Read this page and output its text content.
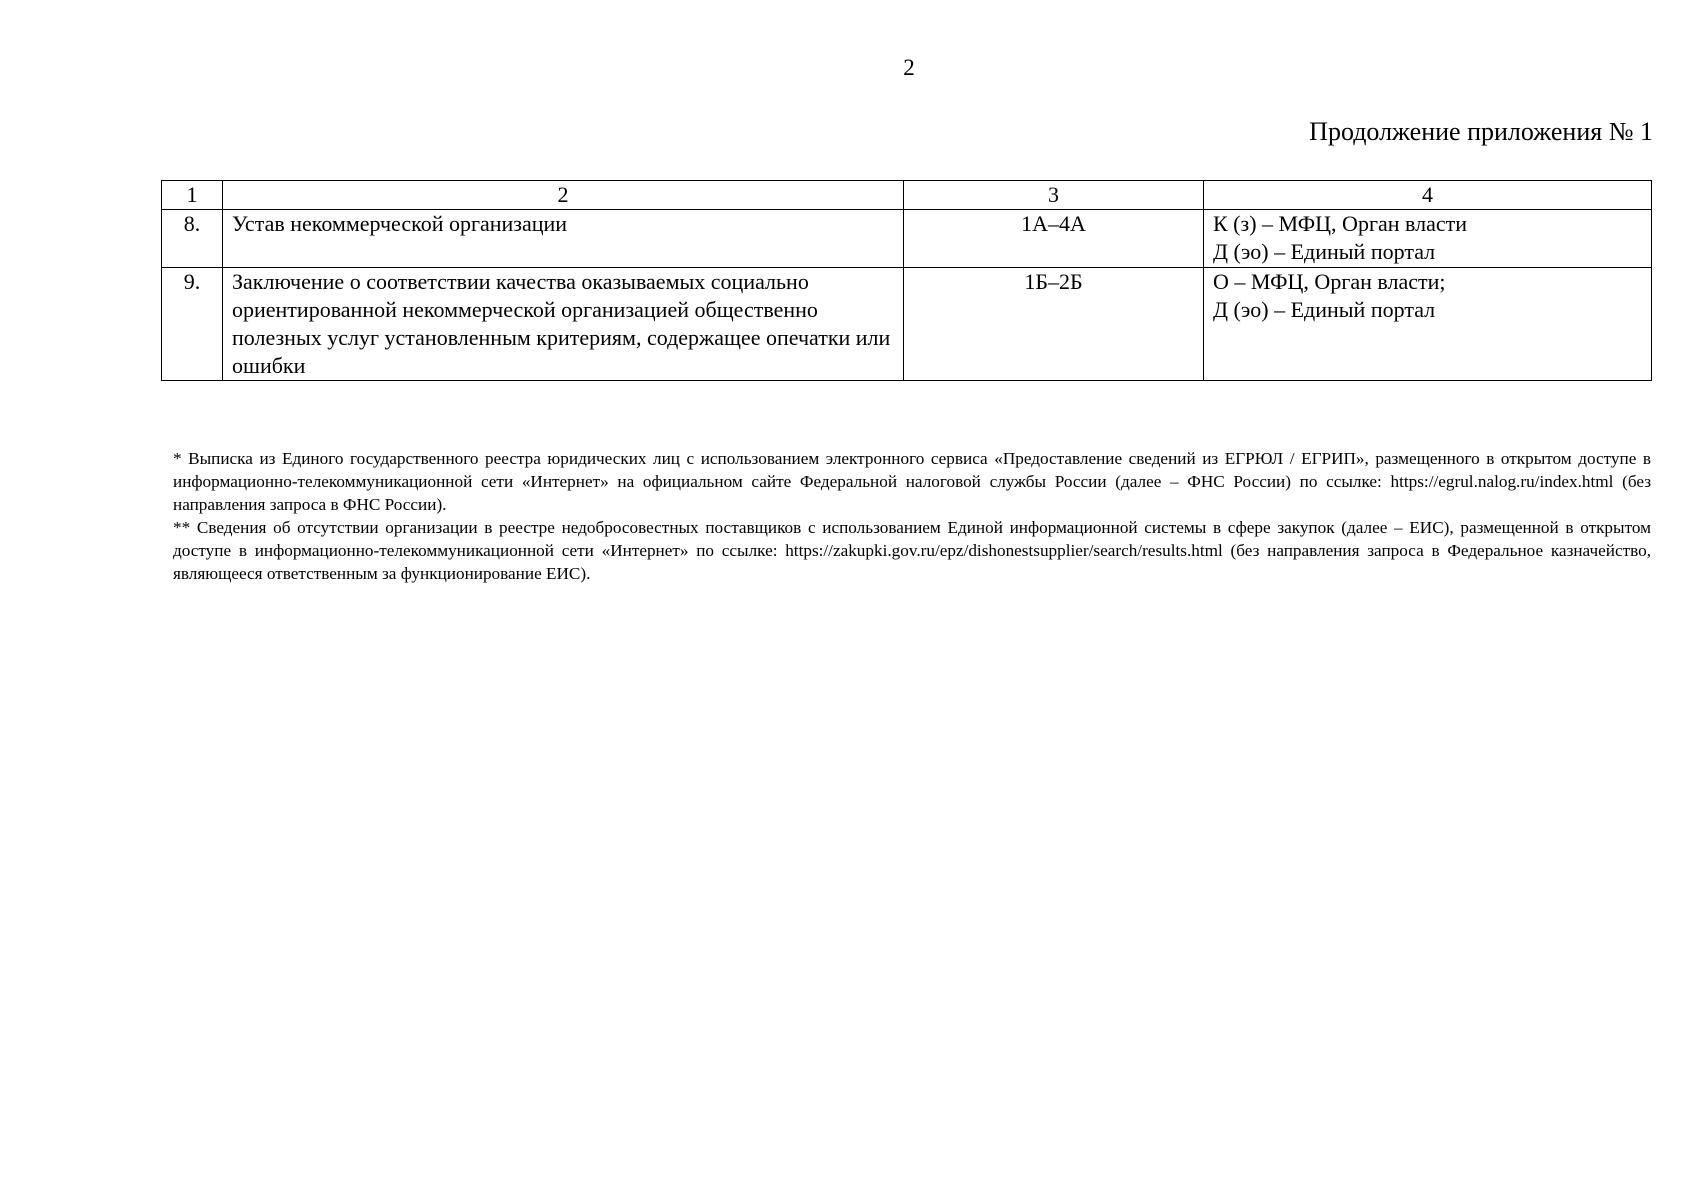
2
Продолжение приложения № 1
1	2	3	4
8.	Устав некоммерческой организации	1А–4А	К (з) – МФЦ, Орган власти
Д (эо) – Единый портал

9.	Заключение о соответствии качества оказываемых социально ориентированной некоммерческой организацией общественно полезных услуг установленным критериям, содержащее опечатки или ошибки	1Б–2Б	О – МФЦ, Орган власти;
Д (эо) – Единый портал

* Выписка из Единого государственного реестра юридических лиц с использованием электронного сервиса «Предоставление сведений из ЕГРЮЛ / ЕГРИП», размещенного в открытом доступе в информационно-телекоммуникационной сети «Интернет» на официальном сайте Федеральной налоговой службы России (далее – ФНС России) по ссылке: https://egrul.nalog.ru/index.html (без направления запроса в ФНС России).

** Сведения об отсутствии организации в реестре недобросовестных поставщиков с использованием Единой информационной системы в сфере закупок (далее – ЕИС), размещенной в открытом доступе в информационно-телекоммуникационной сети «Интернет» по ссылке: https://zakupki.gov.ru/epz/dishonestsupplier/search/results.html (без направления запроса в Федеральное казначейство, являющееся ответственным за функционирование ЕИС).
